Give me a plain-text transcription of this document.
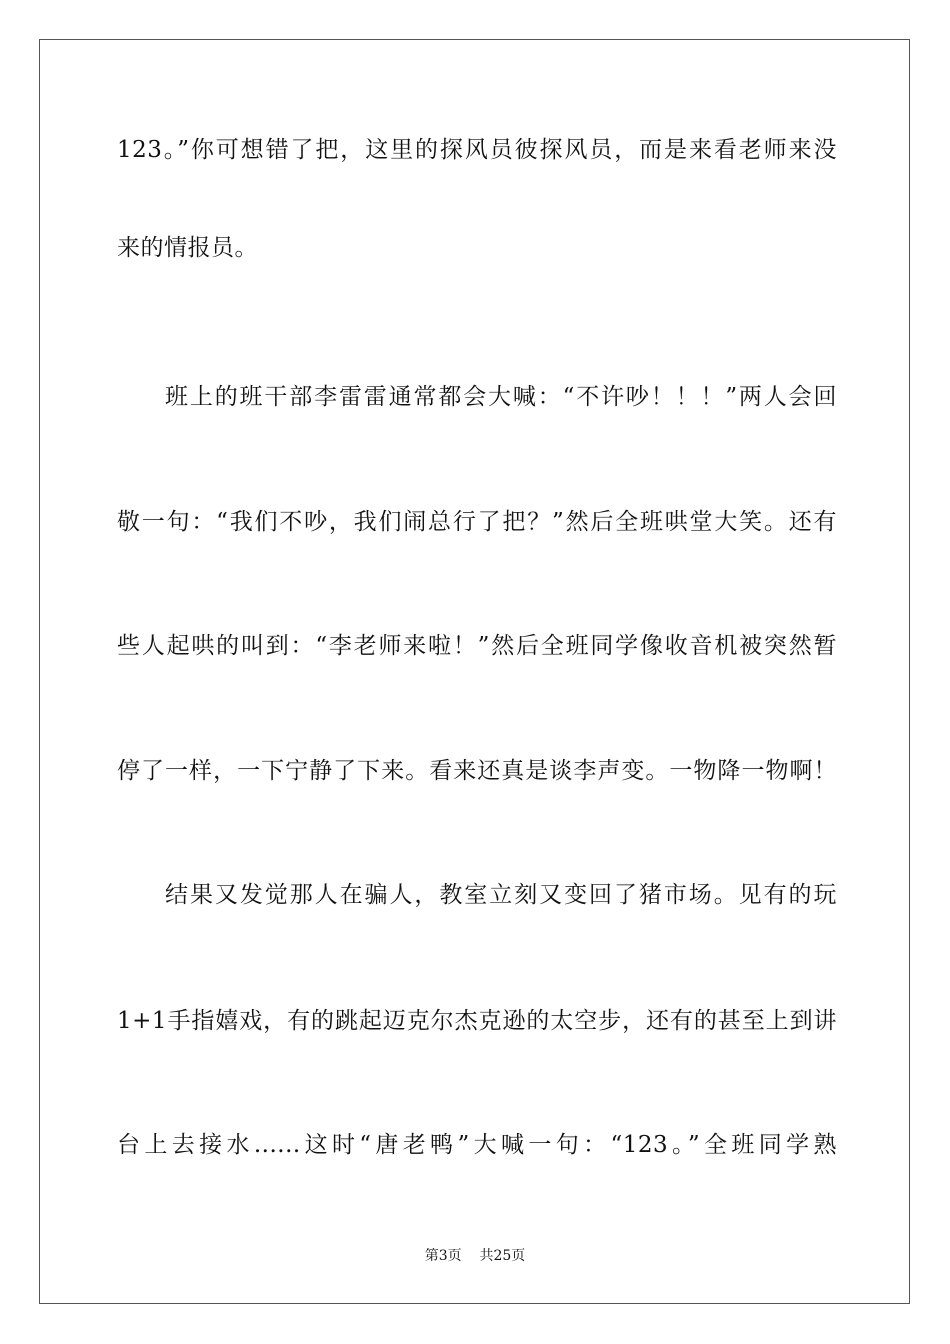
123。”你可想错了把，这里的探风员彼探风员，而是来看老师来没
来的情报员。
班上的班干部李雷雷通常都会大喊：“不许吵！！！”两人会回
敬一句：“我们不吵，我们闹总行了把？”然后全班哄堂大笑。还有
些人起哄的叫到：“李老师来啦！”然后全班同学像收音机被突然暂
停了一样，一下宁静了下来。看来还真是谈李声变。一物降一物啊！
结果又发觉那人在骗人，教室立刻又变回了猪市场。见有的玩
1+1手指嬉戏，有的跳起迈克尔杰克逊的太空步，还有的甚至上到讲
台上去接水......这时“唐老鸭”大喊一句：“123。”全班同学熟
第3页    共25页
